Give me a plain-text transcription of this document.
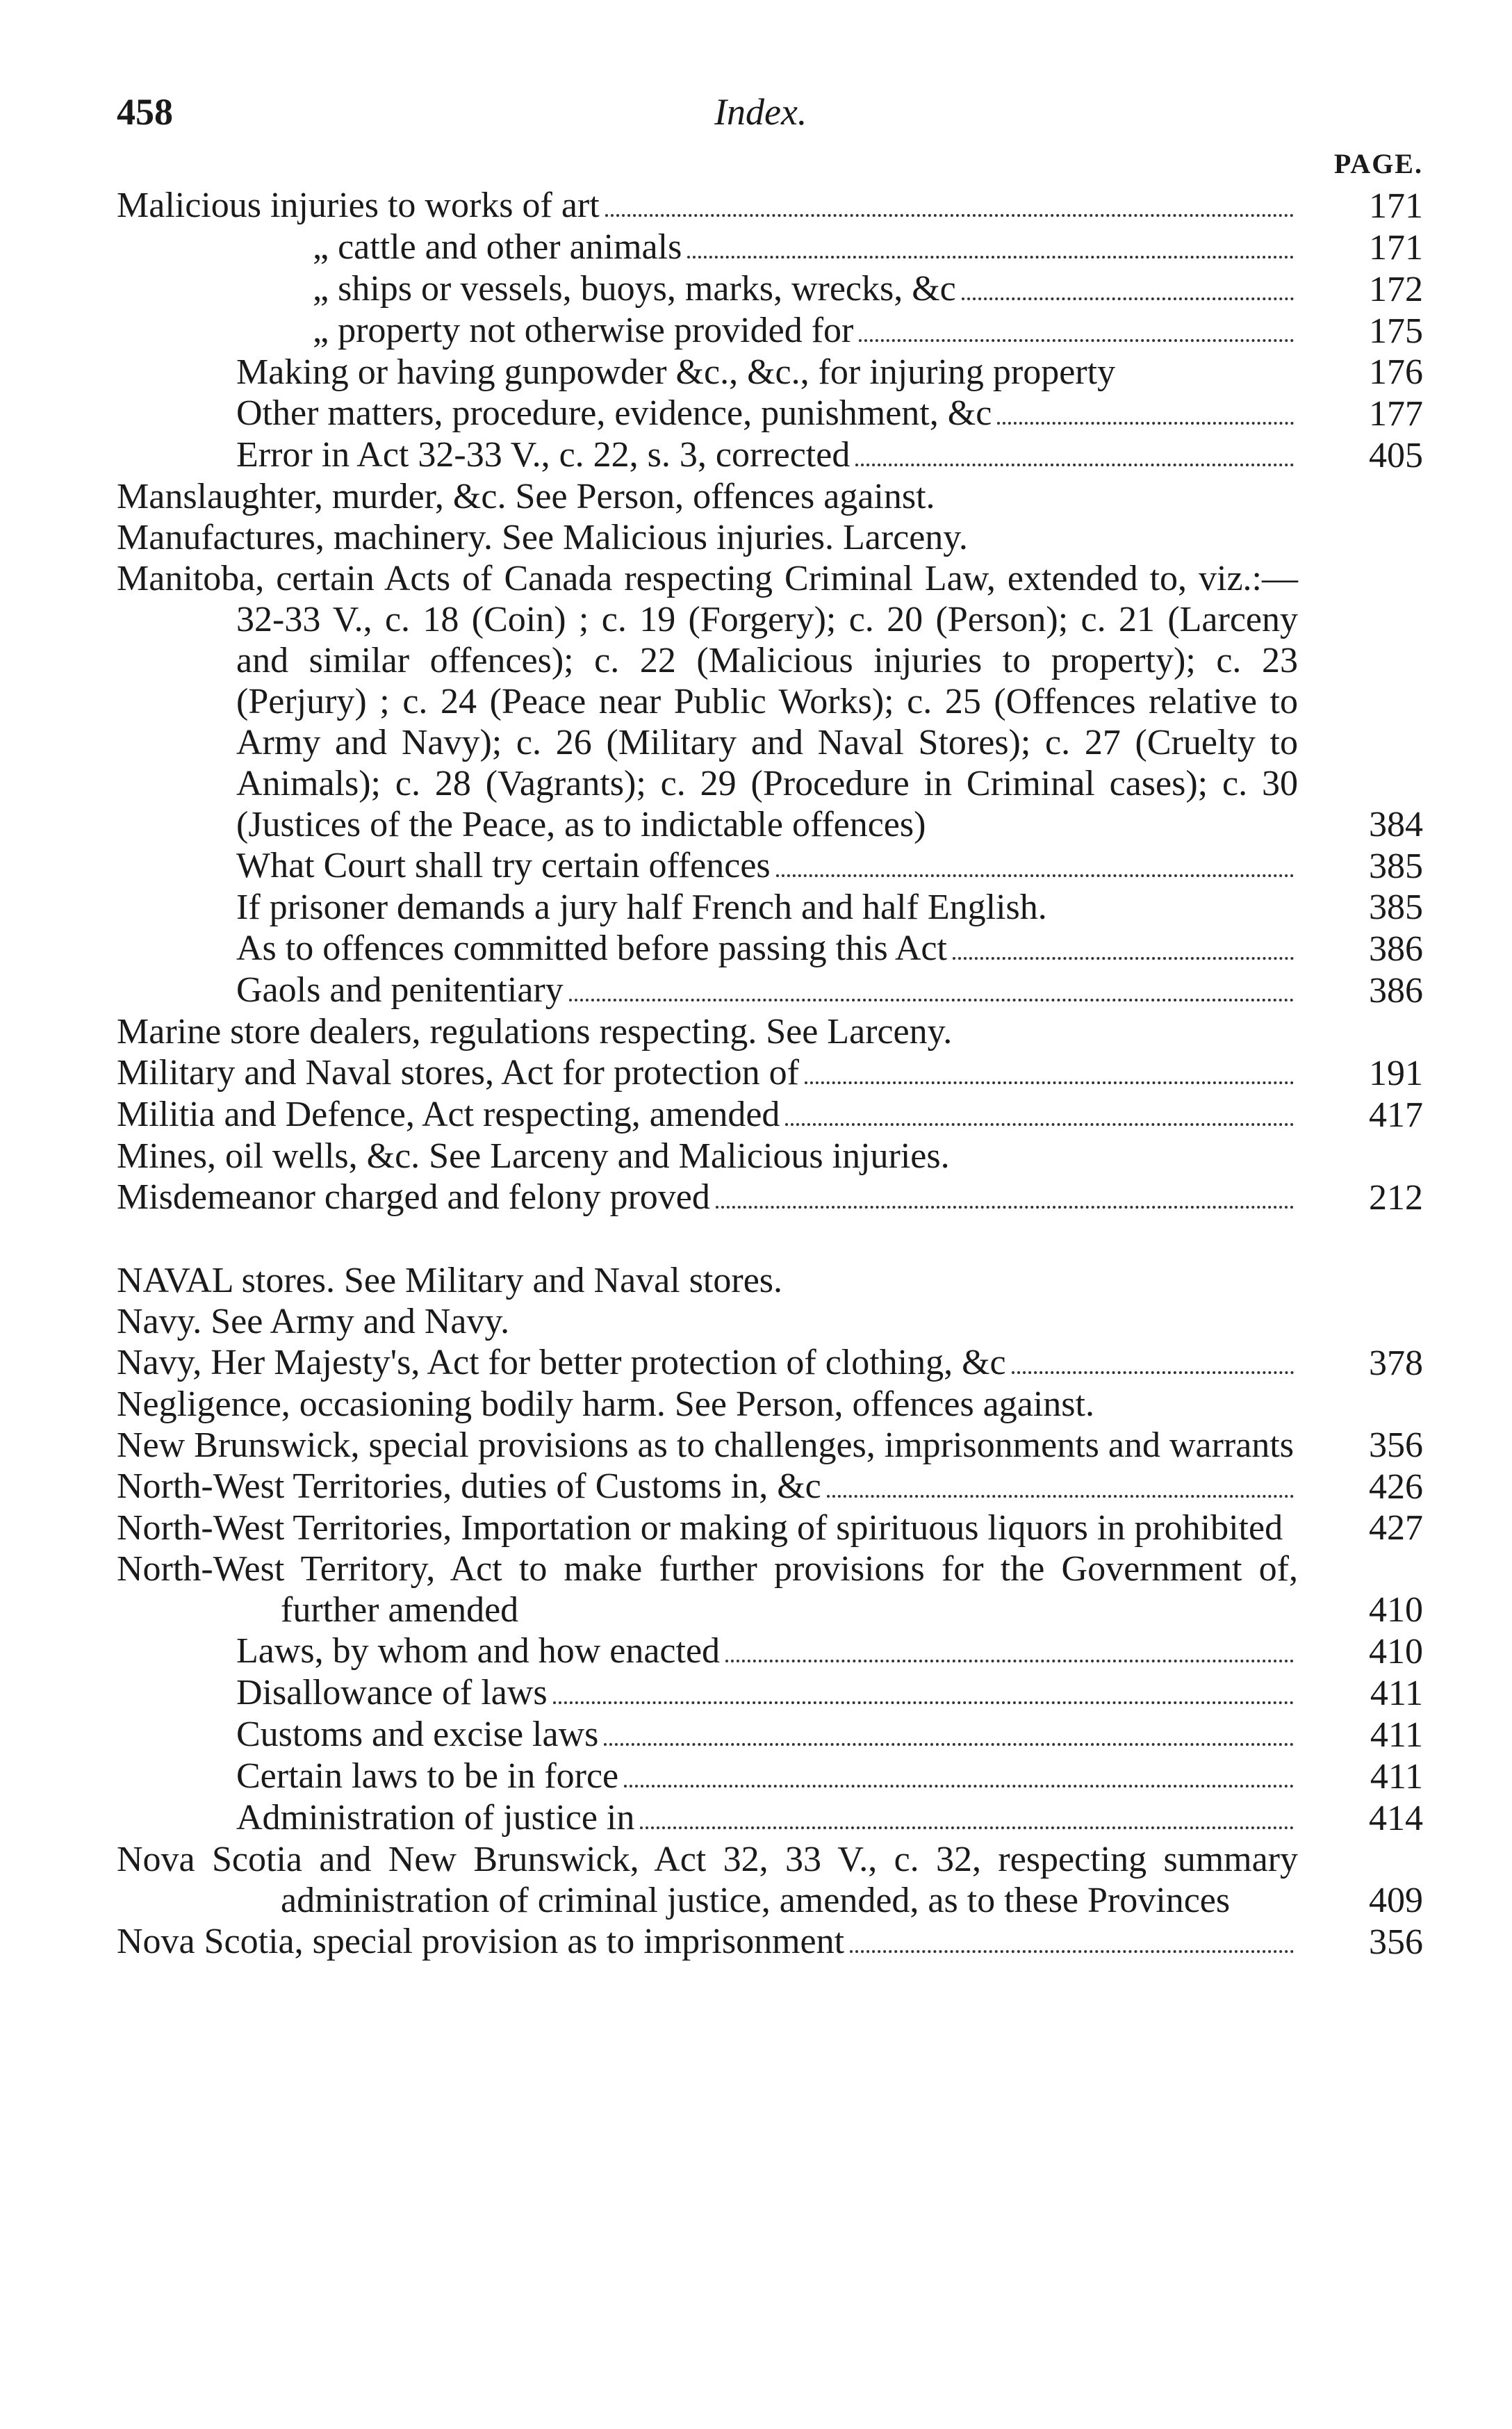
458	Index.
PAGE.
Malicious injuries to works of art	171
„ cattle and other animals	171
„ ships or vessels, buoys, marks, wrecks, &c	172
„ property not otherwise provided for	175
Making or having gunpowder &c., &c., for injuring property	176
Other matters, procedure, evidence, punishment, &c	177
Error in Act 32-33 V., c. 22, s. 3, corrected	405
Manslaughter, murder, &c. See Person, offences against.
Manufactures, machinery. See Malicious injuries. Larceny.
Manitoba, certain Acts of Canada respecting Criminal Law, extended to, viz.:—32-33 V., c. 18 (Coin) ; c. 19 (Forgery); c. 20 (Person); c. 21 (Larceny and similar offences); c. 22 (Malicious injuries to property); c. 23 (Perjury) ; c. 24 (Peace near Public Works); c. 25 (Offences relative to Army and Navy); c. 26 (Military and Naval Stores); c. 27 (Cruelty to Animals); c. 28 (Vagrants); c. 29 (Procedure in Criminal cases); c. 30 (Justices of the Peace, as to indictable offences)	384
What Court shall try certain offences	385
If prisoner demands a jury half French and half English.	385
As to offences committed before passing this Act	386
Gaols and penitentiary	386
Marine store dealers, regulations respecting. See Larceny.
Military and Naval stores, Act for protection of	191
Militia and Defence, Act respecting, amended	417
Mines, oil wells, &c. See Larceny and Malicious injuries.
Misdemeanor charged and felony proved	212
NAVAL stores. See Military and Naval stores.
Navy. See Army and Navy.
Navy, Her Majesty's, Act for better protection of clothing, &c	378
Negligence, occasioning bodily harm. See Person, offences against.
New Brunswick, special provisions as to challenges, imprisonments and warrants	356
North-West Territories, duties of Customs in, &c	426
North-West Territories, Importation or making of spirituous liquors in prohibited	427
North-West Territory, Act to make further provisions for the Government of, further amended	410
Laws, by whom and how enacted	410
Disallowance of laws	411
Customs and excise laws	411
Certain laws to be in force	411
Administration of justice in	414
Nova Scotia and New Brunswick, Act 32, 33 V., c. 32, respecting summary administration of criminal justice, amended, as to these Provinces	409
Nova Scotia, special provision as to imprisonment	356
